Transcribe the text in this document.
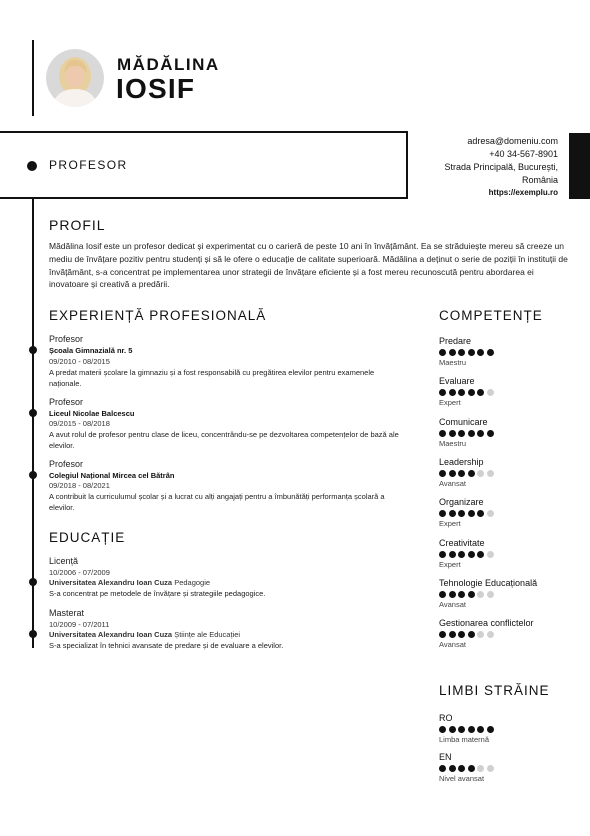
MĂDĂLINA
IOSIF
PROFESOR
adresa@domeniu.com
+40 34-567-8901
Strada Principală, București,
România
https://exemplu.ro
PROFIL
Mădălina Iosif este un profesor dedicat și experimentat cu o carieră de peste 10 ani în învățământ. Ea se străduiește mereu să creeze un mediu de învățare pozitiv pentru studenți și să le ofere o educație de calitate superioară. Mădălina a deținut o serie de poziții în instituții de învățământ, s-a concentrat pe implementarea unor strategii de învățare eficiente și a fost mereu recunoscută pentru abordarea ei inovatoare și creativă a predării.
EXPERIENȚĂ PROFESIONALĂ
Profesor
Școala Gimnazială nr. 5
09/2010 - 08/2015
A predat materii școlare la gimnaziu și a fost responsabilă cu pregătirea elevilor pentru examenele naționale.
Profesor
Liceul Nicolae Balcescu
09/2015 - 08/2018
A avut rolul de profesor pentru clase de liceu, concentrându-se pe dezvoltarea competențelor de bază ale elevilor.
Profesor
Colegiul Național Mircea cel Bătrân
09/2018 - 08/2021
A contribuit la curriculumul școlar și a lucrat cu alți angajați pentru a îmbunătăți performanța școlară a elevilor.
EDUCAȚIE
Licență
10/2006 - 07/2009
Universitatea Alexandru Ioan Cuza Pedagogie
S-a concentrat pe metodele de învățare și strategiile pedagogice.
Masterat
10/2009 - 07/2011
Universitatea Alexandru Ioan Cuza Științe ale Educației
S-a specializat în tehnici avansate de predare și de evaluare a elevilor.
COMPETENȚE
Predare
Maestru
Evaluare
Expert
Comunicare
Maestru
Leadership
Avansat
Organizare
Expert
Creativitate
Expert
Tehnologie Educațională
Avansat
Gestionarea conflictelor
Avansat
LIMBI STRĂINE
RO
Limba maternă
EN
Nivel avansat
